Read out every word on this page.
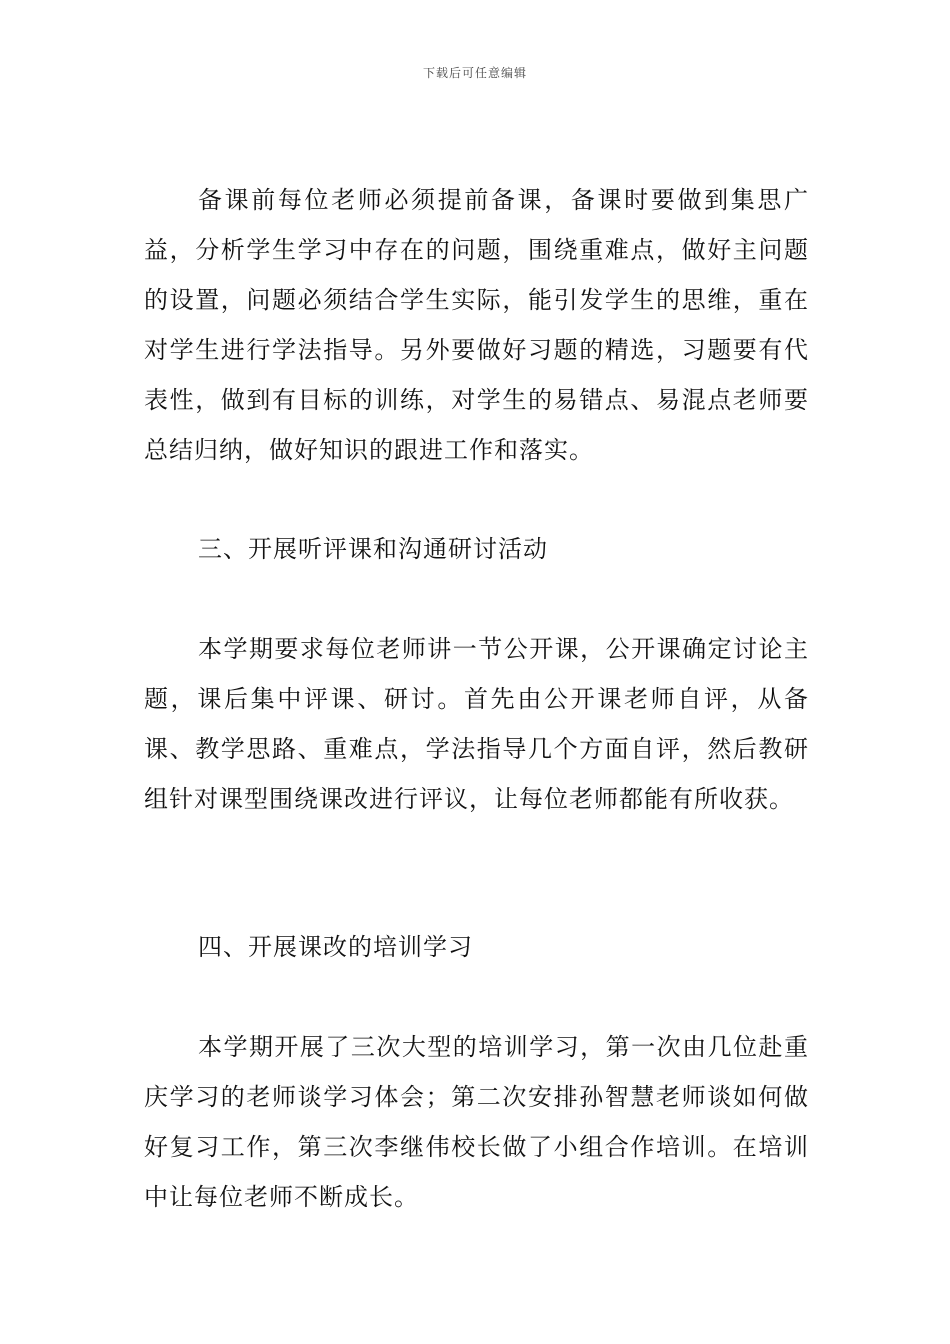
下载后可任意编辑

备课前每位老师必须提前备课，备课时要做到集思广益，分析学生学习中存在的问题，围绕重难点，做好主问题的设置，问题必须结合学生实际，能引发学生的思维，重在对学生进行学法指导。另外要做好习题的精选，习题要有代表性，做到有目标的训练，对学生的易错点、易混点老师要总结归纳，做好知识的跟进工作和落实。

三、开展听评课和沟通研讨活动

本学期要求每位老师讲一节公开课，公开课确定讨论主题，课后集中评课、研讨。首先由公开课老师自评，从备课、教学思路、重难点，学法指导几个方面自评，然后教研组针对课型围绕课改进行评议，让每位老师都能有所收获。

四、开展课改的培训学习

本学期开展了三次大型的培训学习，第一次由几位赴重庆学习的老师谈学习体会；第二次安排孙智慧老师谈如何做好复习工作，第三次李继伟校长做了小组合作培训。在培训中让每位老师不断成长。
